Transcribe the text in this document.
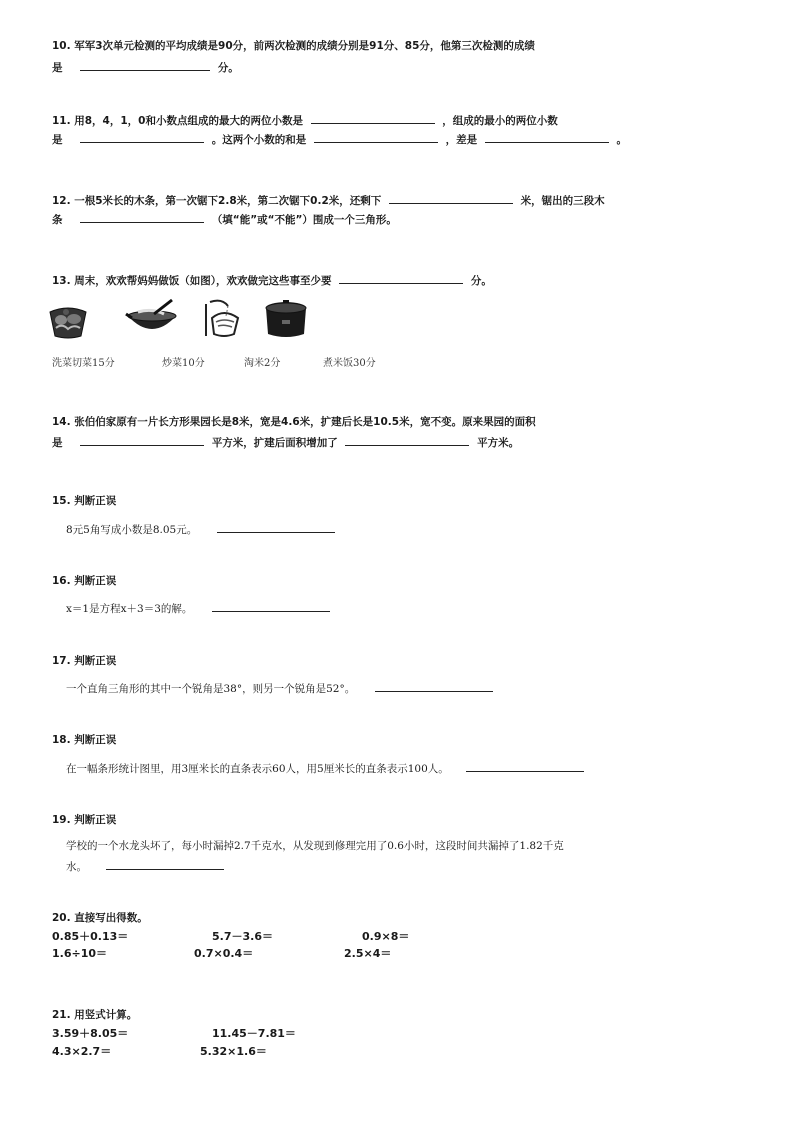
10. 军军3次单元检测的平均成绩是90分，前两次检测的成绩分别是91分、85分，他第三次检测的成绩
是	分。
11. 用8，4，1，0和小数点组成的最大的两位小数是	，组成的最小的两位小数
是	。这两个小数的和是	，差是	。
12. 一根5米长的木条，第一次锯下2.8米，第二次锯下0.2米，还剩下	米，锯出的三段木
条	（填“能”或“不能”）围成一个三角形。
13. 周末，欢欢帮妈妈做饭（如图），欢欢做完这些事至少要	分。
洗菜切菜15分	炒菜10分	淘米2分	煮米饭30分
14. 张伯伯家原有一片长方形果园长是8米，宽是4.6米，扩建后长是10.5米，宽不变。原来果园的面积
是	平方米，扩建后面积增加了	平方米。
15. 判断正误
8元5角写成小数是8.05元。
16. 判断正误
x＝1是方程x＋3＝3的解。
17. 判断正误
一个直角三角形的其中一个锐角是38°，则另一个锐角是52°。
18. 判断正误
在一幅条形统计图里，用3厘米长的直条表示60人，用5厘米长的直条表示100人。
19. 判断正误
学校的一个水龙头坏了，每小时漏掉2.7千克水，从发现到修理完用了0.6小时，这段时间共漏掉了1.82千克
水。
20. 直接写出得数。
0.85＋0.13＝	5.7－3.6＝	0.9×8＝
1.6÷10＝	0.7×0.4＝	2.5×4＝
21. 用竖式计算。
3.59＋8.05＝	11.45－7.81＝
4.3×2.7＝	5.32×1.6＝
